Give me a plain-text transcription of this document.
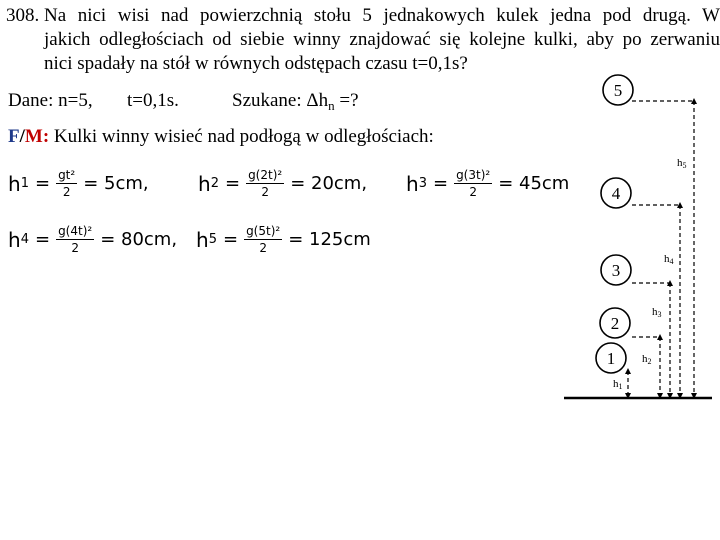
308. Na nici wisi nad powierzchnią stołu 5 jednakowych kulek jedna pod drugą. W
jakich odległościach od siebie winny znajdować się kolejne kulki, aby po zerwaniu
nici spadały na stół w równych odstępach czasu t=0,1s?
Dane: n=5, t=0,1s.	Szukane: $\Delta h_n$ =?
F/M: Kulki winny wisieć nad podłogą w odległościach:
h $1 = \frac{\text{gt²}}{2} = 5cm$, h $2 = \frac{\text{g(2t)²}}{2} = 20cm$, h $3 = \frac{\text{g(3t)²}}{2} = 45cm$
h $4 = \frac{\text{g(4t)²}}{2} = 80cm$, h $5 = \frac{\text{g(5t)²}}{2} = 125cm$
5
4
3
2
1
h1
h2
h3
h4
h5
